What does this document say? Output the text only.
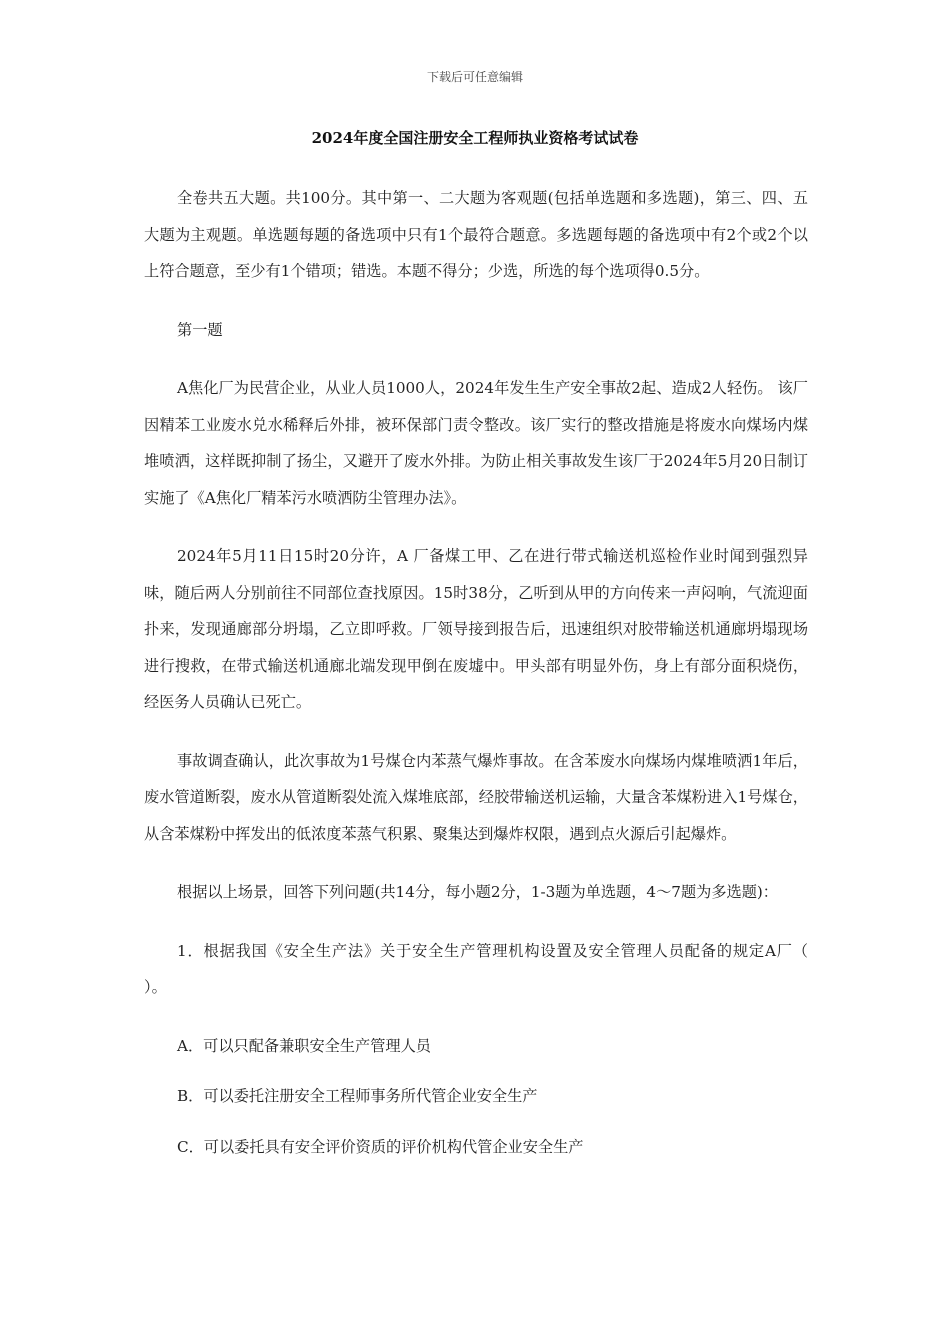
下载后可任意编辑
2024年度全国注册安全工程师执业资格考试试卷

全卷共五大题。共100分。其中第一、二大题为客观题(包括单选题和多选题)，第三、四、五大题为主观题。单选题每题的备选项中只有1个最符合题意。多选题每题的备选项中有2个或2个以上符合题意，至少有1个错项；错选。本题不得分；少选，所选的每个选项得0.5分。

第一题

A焦化厂为民营企业，从业人员1000人，2024年发生生产安全事故2起、造成2人轻伤。 该厂因精苯工业废水兑水稀释后外排，被环保部门责令整改。该厂实行的整改措施是将废水向煤场内煤堆喷洒，这样既抑制了扬尘，又避开了废水外排。为防止相关事故发生该厂于2024年5月20日制订实施了《A焦化厂精苯污水喷洒防尘管理办法》。

2024年5月11日15时20分许，A 厂备煤工甲、乙在进行带式输送机巡检作业时闻到强烈异味，随后两人分别前往不同部位查找原因。15时38分，乙听到从甲的方向传来一声闷响，气流迎面扑来，发现通廊部分坍塌，乙立即呼救。厂领导接到报告后，迅速组织对胶带输送机通廊坍塌现场进行搜救，在带式输送机通廊北端发现甲倒在废墟中。甲头部有明显外伤，身上有部分面积烧伤，经医务人员确认已死亡。

事故调查确认，此次事故为1号煤仓内苯蒸气爆炸事故。在含苯废水向煤场内煤堆喷洒1年后，废水管道断裂，废水从管道断裂处流入煤堆底部，经胶带输送机运输，大量含苯煤粉进入1号煤仓，从含苯煤粉中挥发出的低浓度苯蒸气积累、聚集达到爆炸权限，遇到点火源后引起爆炸。

根据以上场景，回答下列问题(共14分，每小题2分，1-3题为单选题，4～7题为多选题)：

1．根据我国《安全生产法》关于安全生产管理机构设置及安全管理人员配备的规定A厂（　　）。

A．可以只配备兼职安全生产管理人员

B．可以委托注册安全工程师事务所代管企业安全生产

C．可以委托具有安全评价资质的评价机构代管企业安全生产
